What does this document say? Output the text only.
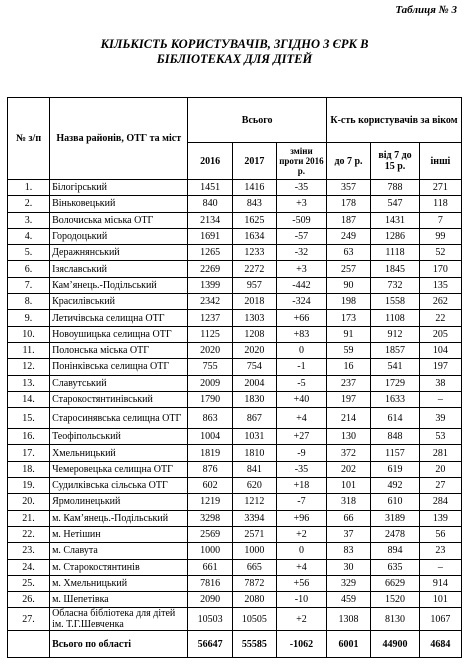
Таблиця № 3
КІЛЬКІСТЬ КОРИСТУВАЧІВ, ЗГІДНО З ЄРК В
БІБЛІОТЕКАХ ДЛЯ ДІТЕЙ
№ з/п	Назва районів, ОТГ та міст	Всього			К-сть користувачів за віком		
		2016	2017	зміни проти 2016 р.	до 7 р.	від 7 до 15 р.	інші
1.	Білогірський	1451	1416	-35	357	788	271
2.	Віньковецький	840	843	+3	178	547	118
3.	Волочиська міська ОТГ	2134	1625	-509	187	1431	7
4.	Городоцький	1691	1634	-57	249	1286	99
5.	Деражнянський	1265	1233	-32	63	1118	52
6.	Ізяславський	2269	2272	+3	257	1845	170
7.	Кам’янець.-Подільський	1399	957	-442	90	732	135
8.	Красилівський	2342	2018	-324	198	1558	262
9.	Летичівська селищна ОТГ	1237	1303	+66	173	1108	22
10.	Новоушицька селищна ОТГ	1125	1208	+83	91	912	205
11.	Полонська міська ОТГ	2020	2020	0	59	1857	104
12.	Понінківська селищна ОТГ	755	754	-1	16	541	197
13.	Славутський	2009	2004	-5	237	1729	38
14.	Старокостянтинівський	1790	1830	+40	197	1633	–
15.	Старосинявська селищна ОТГ	863	867	+4	214	614	39
16.	Теофіпольський	1004	1031	+27	130	848	53
17.	Хмельницький	1819	1810	-9	372	1157	281
18.	Чемеровецька селищна ОТГ	876	841	-35	202	619	20
19.	Судилківська сільська ОТГ	602	620	+18	101	492	27
20.	Ярмолинецький	1219	1212	-7	318	610	284
21.	м. Кам’янець.-Подільський	3298	3394	+96	66	3189	139
22.	м. Нетішин	2569	2571	+2	37	2478	56
23.	м. Славута	1000	1000	0	83	894	23
24.	м. Старокостянтинів	661	665	+4	30	635	–
25.	м. Хмельницький	7816	7872	+56	329	6629	914
26.	м. Шепетівка	2090	2080	-10	459	1520	101
27.	Обласна бібліотека для дітей ім. Т.Г.Шевченка	10503	10505	+2	1308	8130	1067
	Всього по області	56647	55585	-1062	6001	44900	4684
